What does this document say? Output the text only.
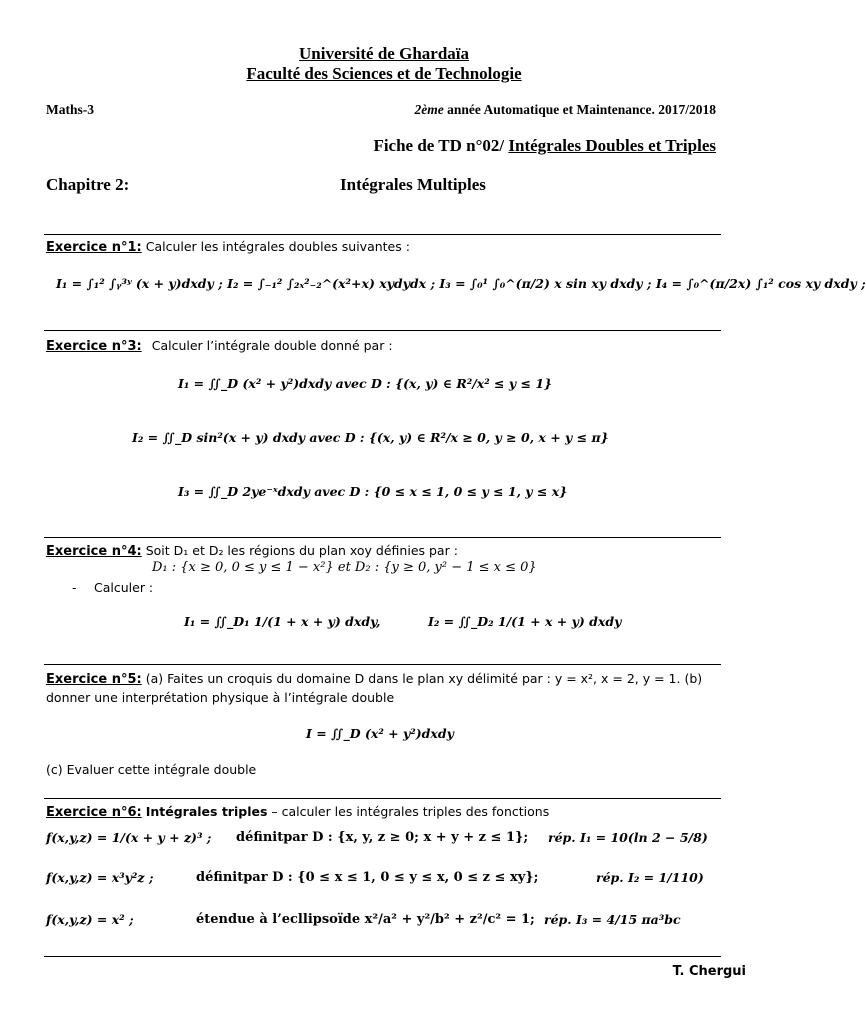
Université de Ghardaïa
Faculté des Sciences et de Technologie
Maths-3	2ème année Automatique et Maintenance. 2017/2018
Fiche de TD n°02/ Intégrales Doubles et Triples
Chapitre 2:	Intégrales Multiples
Exercice n°1: Calculer les intégrales doubles suivantes :
I₁ = ∫₁² ∫ᵧ³ʸ (x + y)dxdy ; I₂ = ∫₋₁² ∫₂ₓ²₋₂^(x²+x) xydydx ; I₃ = ∫₀¹ ∫₀^(π/2) x sin xy dxdy ; I₄ = ∫₀^(π/2x) ∫₁² cos xy dxdy ;
Exercice n°3: Calculer l’intégrale double donné par :
I₁ = ∬_D (x² + y²)dxdy avec D : {(x, y) ∈ R²/x² ≤ y ≤ 1}
I₂ = ∬_D sin²(x + y) dxdy avec D : {(x, y) ∈ R²/x ≥ 0, y ≥ 0, x + y ≤ π}
I₃ = ∬_D 2ye⁻ˣdxdy avec D : {0 ≤ x ≤ 1, 0 ≤ y ≤ 1, y ≤ x}
Exercice n°4: Soit D₁ et D₂ les régions du plan xoy définies par :
D₁ : {x ≥ 0, 0 ≤ y ≤ 1 − x²} et D₂ : {y ≥ 0, y² − 1 ≤ x ≤ 0}
- Calculer :
I₁ = ∬_D₁ 1/(1 + x + y) dxdy,	I₂ = ∬_D₂ 1/(1 + x + y) dxdy
Exercice n°5: (a) Faites un croquis du domaine D dans le plan xy délimité par : y = x², x = 2, y = 1. (b)
donner une interprétation physique à l’intégrale double
I = ∬_D (x² + y²)dxdy
(c) Evaluer cette intégrale double
Exercice n°6: Intégrales triples – calculer les intégrales triples des fonctions
f(x,y,z) = 1/(x + y + z)³ ; définitpar D : {x, y, z ≥ 0; x + y + z ≤ 1}; rép. I₁ = 10(ln 2 − 5/8)
f(x,y,z) = x³y²z ;	définitpar D : {0 ≤ x ≤ 1, 0 ≤ y ≤ x, 0 ≤ z ≤ xy};	rép. I₂ = 1/110)
f(x,y,z) = x² ;	étendue à l’ecllipsoïde x²/a² + y²/b² + z²/c² = 1; rép. I₃ = 4/15 πa³bc
T. Chergui
